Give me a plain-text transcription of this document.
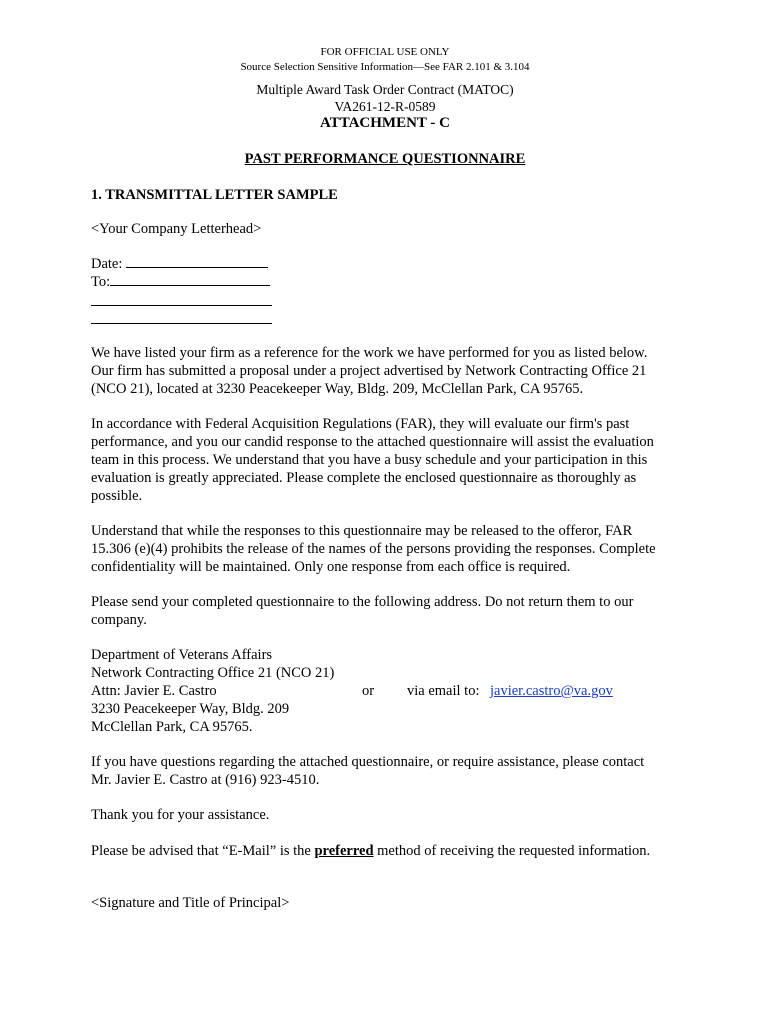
FOR OFFICIAL USE ONLY
Source Selection Sensitive Information—See FAR 2.101 & 3.104
Multiple Award Task Order Contract (MATOC)
VA261-12-R-0589
ATTACHMENT - C
PAST PERFORMANCE QUESTIONNAIRE
1. TRANSMITTAL LETTER SAMPLE
<Your Company Letterhead>
Date:
To:
We have listed your firm as a reference for the work we have performed for you as listed below.
Our firm has submitted a proposal under a project advertised by Network Contracting Office 21
(NCO 21), located at 3230 Peacekeeper Way, Bldg. 209, McClellan Park, CA 95765.
In accordance with Federal Acquisition Regulations (FAR), they will evaluate our firm's past
performance, and you our candid response to the attached questionnaire will assist the evaluation
team in this process. We understand that you have a busy schedule and your participation in this
evaluation is greatly appreciated. Please complete the enclosed questionnaire as thoroughly as
possible.
Understand that while the responses to this questionnaire may be released to the offeror, FAR
15.306 (e)(4) prohibits the release of the names of the persons providing the responses. Complete
confidentiality will be maintained. Only one response from each office is required.
Please send your completed questionnaire to the following address. Do not return them to our
company.
Department of Veterans Affairs
Network Contracting Office 21 (NCO 21)
Attn: Javier E. Castro	or via email to: javier.castro@va.gov
3230 Peacekeeper Way, Bldg. 209
McClellan Park, CA 95765.
If you have questions regarding the attached questionnaire, or require assistance, please contact
Mr. Javier E. Castro at (916) 923-4510.
Thank you for your assistance.
Please be advised that “E-Mail” is the preferred method of receiving the requested information.
<Signature and Title of Principal>
